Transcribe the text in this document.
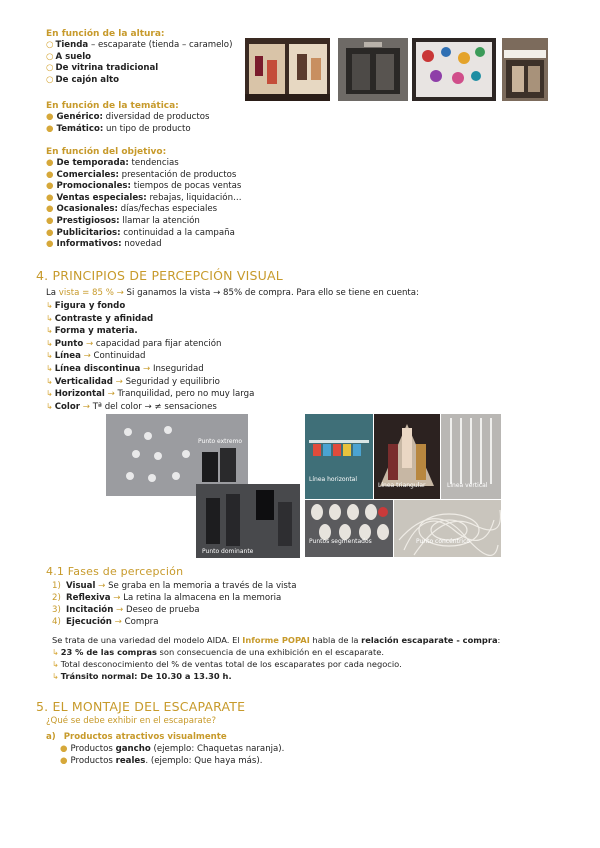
En función de la altura:

○ Tienda – escaparate (tienda – caramelo)
○ A suelo
○ De vitrina tradicional
○ De cajón alto

En función de la temática:

● Genérico: diversidad de productos
● Temático: un tipo de producto

En función del objetivo:

● De temporada: tendencias
● Comerciales: presentación de productos
● Promocionales: tiempos de pocas ventas
● Ventas especiales: rebajas, liquidación…
● Ocasionales: días/fechas especiales
● Prestigiosos: llamar la atención
● Publicitarios: continuidad a la campaña
● Informativos: novedad

4. PRINCIPIOS DE PERCEPCIÓN VISUAL

La vista = 85 % → Si ganamos la vista → 85% de compra. Para ello se tiene en cuenta:
↳ Figura y fondo
↳ Contraste y afinidad
↳ Forma y materia.
↳ Punto → capacidad para fijar atención
↳ Línea → Continuidad
↳ Línea discontinua → Inseguridad
↳ Verticalidad → Seguridad y equilibrio
↳ Horizontal → Tranquilidad, pero no muy larga
↳ Color → Tª del color → ≠ sensaciones
Punto extremo
Punto dominante
Línea horizontal
Línea triangular	Línea vertical
Puntos segmentados	Punto concéntrico

4.1 Fases de percepción

1) Visual → Se graba en la memoria a través de la vista
2) Reflexiva → La retina la almacena en la memoria
3) Incitación → Deseo de prueba
4) Ejecución → Compra
Se trata de una variedad del modelo AIDA. El Informe POPAI habla de la relación escaparate - compra:
↳ 23 % de las compras son consecuencia de una exhibición en el escaparate.
↳ Total desconocimiento del % de ventas total de los escaparates por cada negocio.
↳ Tránsito normal: De 10.30 a 13.30 h.

5. EL MONTAJE DEL ESCAPARATE

¿Qué se debe exhibir en el escaparate?
a) Productos atractivos visualmente
● Productos gancho (ejemplo: Chaquetas naranja).
● Productos reales. (ejemplo: Que haya más).
